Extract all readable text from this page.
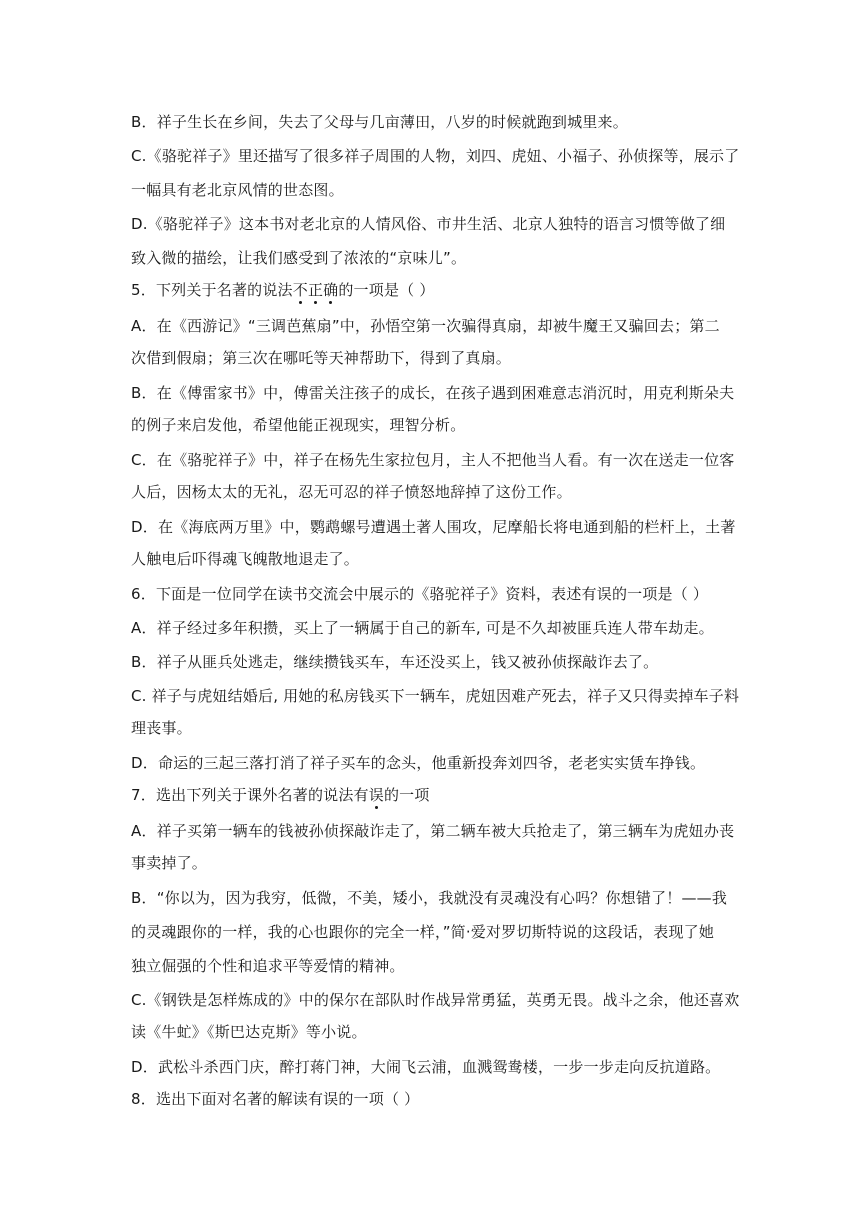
B．祥子生长在乡间，失去了父母与几亩薄田，八岁的时候就跑到城里来。
C.《骆驼祥子》里还描写了很多祥子周围的人物，刘四、虎妞、小福子、孙侦探等，展示了
一幅具有老北京风情的世态图。
D.《骆驼祥子》这本书对老北京的人情风俗、市井生活、北京人独特的语言习惯等做了细
致入微的描绘，让我们感受到了浓浓的“京味儿”。
5．下列关于名著的说法不正确的一项是（ ）
A．在《西游记》“三调芭蕉扇”中，孙悟空第一次骗得真扇，却被牛魔王又骗回去；第二
次借到假扇；第三次在哪吒等天神帮助下，得到了真扇。
B．在《傅雷家书》中，傅雷关注孩子的成长，在孩子遇到困难意志消沉时，用克利斯朵夫
的例子来启发他，希望他能正视现实，理智分析。
C．在《骆驼祥子》中，祥子在杨先生家拉包月，主人不把他当人看。有一次在送走一位客
人后，因杨太太的无礼，忍无可忍的祥子愤怒地辞掉了这份工作。
D．在《海底两万里》中，鹦鹉螺号遭遇土著人围攻，尼摩船长将电通到船的栏杆上，土著
人触电后吓得魂飞魄散地退走了。
6．下面是一位同学在读书交流会中展示的《骆驼祥子》资料，表述有误的一项是（ ）
A．祥子经过多年积攒，买上了一辆属于自己的新车, 可是不久却被匪兵连人带车劫走。
B．祥子从匪兵处逃走，继续攒钱买车，车还没买上，钱又被孙侦探敲诈去了。
C. 祥子与虎妞结婚后, 用她的私房钱买下一辆车，虎妞因难产死去，祥子又只得卖掉车子料
理丧事。
D．命运的三起三落打消了祥子买车的念头，他重新投奔刘四爷，老老实实赁车挣钱。
7．选出下列关于课外名著的说法有误的一项
A．祥子买第一辆车的钱被孙侦探敲诈走了，第二辆车被大兵抢走了，第三辆车为虎妞办丧
事卖掉了。
B．“你以为，因为我穷，低微，不美，矮小，我就没有灵魂没有心吗？你想错了！——我
的灵魂跟你的一样，我的心也跟你的完全一样，”简·爱对罗切斯特说的这段话，表现了她
独立倔强的个性和追求平等爱情的精神。
C.《钢铁是怎样炼成的》中的保尔在部队时作战异常勇猛，英勇无畏。战斗之余，他还喜欢
读《牛虻》《斯巴达克斯》等小说。
D．武松斗杀西门庆，醉打蒋门神，大闹飞云浦，血溅鸳鸯楼，一步一步走向反抗道路。
8．选出下面对名著的解读有误的一项（ ）
